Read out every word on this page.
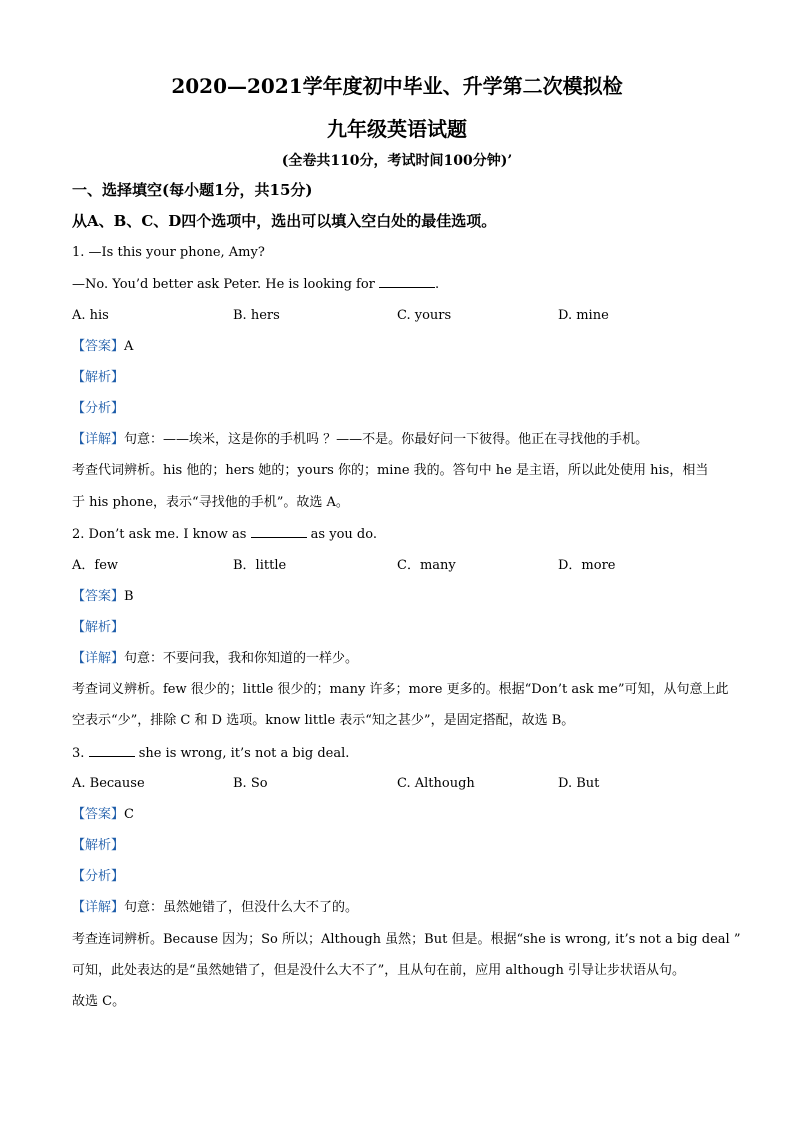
2020—2021学年度初中毕业、升学第二次模拟检
九年级英语试题
(全卷共110分，考试时间100分钟)’
一、选择填空(每小题1分，共15分)
从A、B、C、D四个选项中，选出可以填入空白处的最佳选项。
1. —Is this your phone, Amy?
—No. You’d better ask Peter. He is looking for	.
A. his	B. hers	C. yours	D. mine
【答案】A
【解析】
【分析】
【详解】句意：——埃米，这是你的手机吗 ？——不是。你最好问一下彼得。他正在寻找他的手机。
考查代词辨析。his 他的；hers 她的；yours 你的；mine 我的。答句中 he 是主语，所以此处使用 his，相当
于 his phone，表示“寻找他的手机”。故选 A。
2. Don’t ask me. I know as	as you do.
A．few	B．little	C．many	D．more
【答案】B
【解析】
【详解】句意：不要问我，我和你知道的一样少。
考查词义辨析。few 很少的；little 很少的；many 许多；more 更多的。根据“Don’t ask me”可知，从句意上此
空表示“少”，排除 C 和 D 选项。know little 表示“知之甚少”，是固定搭配，故选 B。
3.	she is wrong, it’s not a big deal.
A. Because	B. So	C. Although	D. But
【答案】C
【解析】
【分析】
【详解】句意：虽然她错了，但没什么大不了的。
考查连词辨析。Because 因为；So 所以；Although 虽然；But 但是。根据“she is wrong, it’s not a big deal ”
可知，此处表达的是“虽然她错了，但是没什么大不了”，且从句在前，应用 although 引导让步状语从句。
故选 C。
